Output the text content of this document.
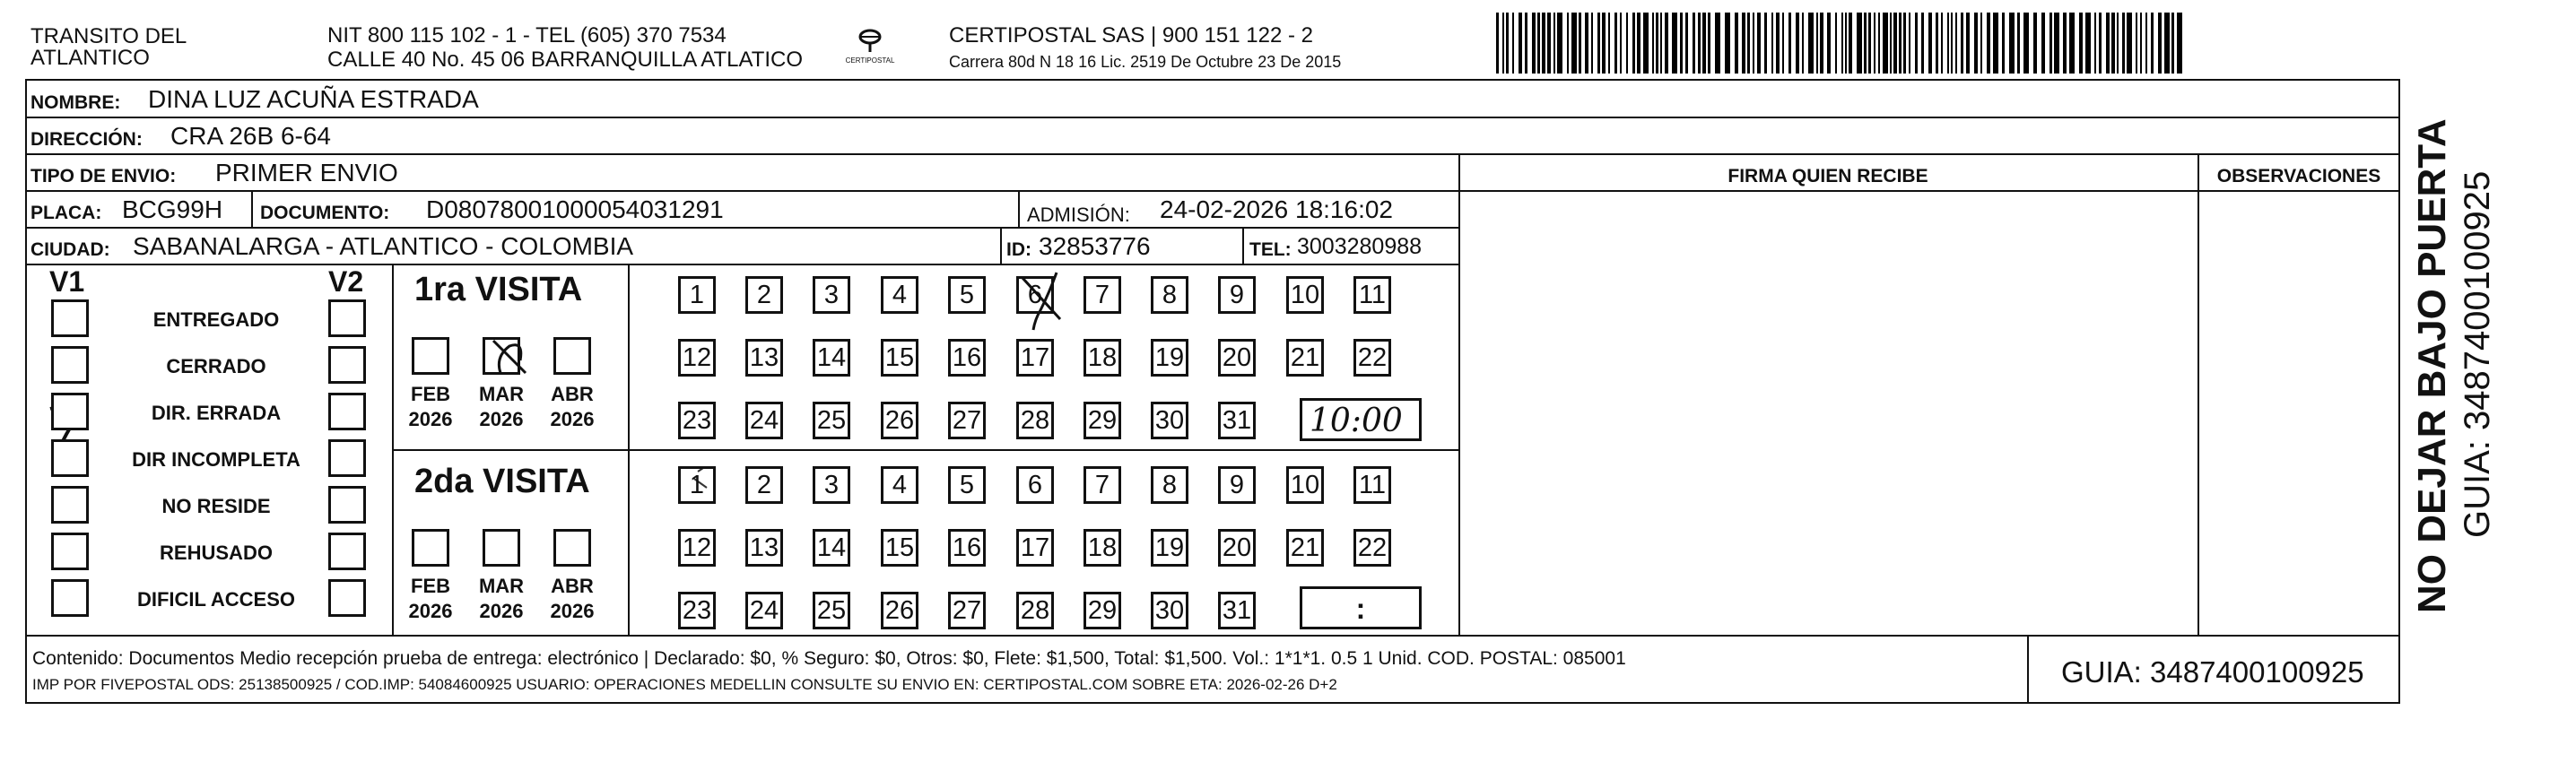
TRANSITO DEL
ATLANTICO
NIT 800 115 102 - 1 - TEL (605) 370 7534
CALLE 40 No. 45 06 BARRANQUILLA ATLATICO	CERTIPOSTAL
CERTIPOSTAL SAS | 900 151 122 - 2
Carrera 80d N 18 16 Lic. 2519 De Octubre 23 De 2015
NOMBRE: DINA LUZ ACUÑA ESTRADA
DIRECCIÓN: CRA 26B 6-64
TIPO DE ENVIO: PRIMER ENVIO	FIRMA QUIEN RECIBE	OBSERVACIONES
PLACA: BCG99H DOCUMENTO: D08078001000054031291	ADMISIÓN: 24-02-2026 18:16:02
CIUDAD: SABANALARGA - ATLANTICO - COLOMBIA	ID: 32853776	TEL: 3003280988
V1	V2 1ra VISITA
2da VISITA
10:00
:
Contenido: Documentos Medio recepción prueba de entrega: electrónico | Declarado: $0, % Seguro: $0, Otros: $0, Flete: $1,500, Total: $1,500. Vol.: 1*1*1. 0.5 1 Unid. COD. POSTAL: 085001
IMP POR FIVEPOSTAL ODS: 25138500925 / COD.IMP: 54084600925 USUARIO: OPERACIONES MEDELLIN CONSULTE SU ENVIO EN: CERTIPOSTAL.COM SOBRE ETA: 2026-02-26 D+2	GUIA: 3487400100925
NO DEJAR BAJO PUERTA GUIA: 3487400100925
ENTREGADO
CERRADO
DIR. ERRADA
DIR INCOMPLETA
NO RESIDE
REHUSADO
DIFICIL ACCESO
FEB
2026
MAR
2026
ABR
2026
FEB
2026
MAR
2026
ABR
2026
1	2	3	4	5	6	7	8	9	10 11
12 13 14 15 16 17 18 19 20 21 22
23 24 25 26 27 28 29 30 31
1	2	3	4	5	6	7	8	9	10 11
12 13 14 15 16 17 18 19 20 21 22
23 24 25 26 27 28 29 30 31
